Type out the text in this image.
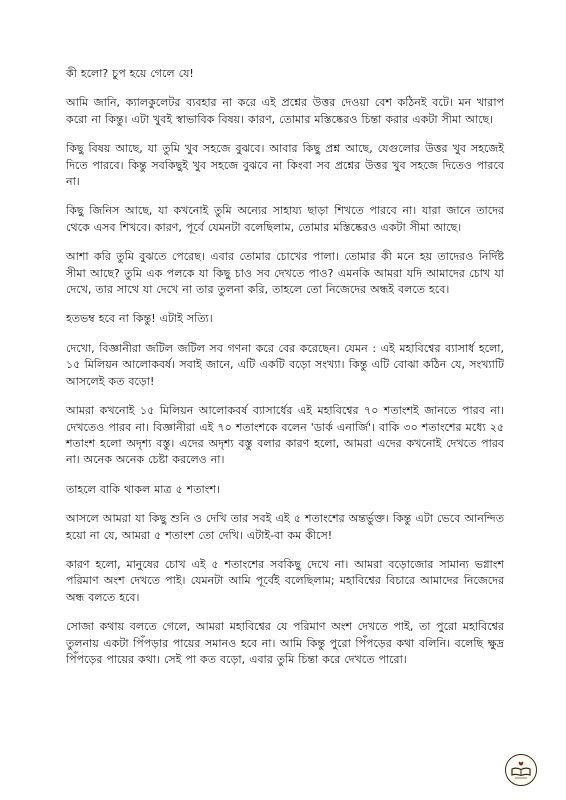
কী হলো? চুপ হয়ে গেলে যে!

আমি জানি, ক্যালকুলেটর ব্যবহার না করে এই প্রশ্নের উত্তর দেওয়া বেশ কঠিনই বটে। মন খারাপ করো না কিন্তু। এটা খুবই স্বাভাবিক বিষয়। কারণ, তোমার মস্তিষ্কেরও চিন্তা করার একটা সীমা আছে।

কিছু বিষয় আছে, যা তুমি খুব সহজে বুঝবে। আবার কিছু প্রশ্ন আছে, যেগুলোর উত্তর খুব সহজেই দিতে পারবে। কিন্তু সবকিছুই খুব সহজে বুঝবে না কিংবা সব প্রশ্নের উত্তর খুব সহজে দিতেও পারবে না।

কিছু জিনিস আছে, যা কখনোই তুমি অন্যের সাহায্য ছাড়া শিখতে পারবে না। যারা জানে তাদের থেকে এসব শিখবে। কারণ, পূর্বে যেমনটা বলেছিলাম, তোমার মস্তিষ্কেরও একটা সীমা আছে।

আশা করি তুমি বুঝতে পেরেছ। এবার তোমার চোখের পালা। তোমার কী মনে হয় তাদেরও নির্দিষ্ট সীমা আছে? তুমি এক পলকে যা কিছু চাও সব দেখতে পাও? এমনকি আমরা যদি আমাদের চোখ যা দেখে, তার সাথে যা দেখে না তার তুলনা করি, তাহলে তো নিজেদের অন্ধই বলতে হবে।

হতভম্ব হবে না কিন্তু! এটাই সত্যি।

দেখো, বিজ্ঞানীরা জটিল জটিল সব গণনা করে বের করেছেন। যেমন : এই মহাবিশ্বের ব্যাসার্ধ হলো, ১৫ মিলিয়ন আলোকবর্ষ। সবাই জানে, এটি একটি বড়ো সংখ্যা। কিন্তু এটি বোঝা কঠিন যে, সংখ্যাটি আসলেই কত বড়ো!

আমরা কখনোই ১৫ মিলিয়ন আলোকবর্ষ ব্যাসার্ধের এই মহাবিশ্বের ৭০ শতাংশই জানতে পারব না। দেখতেও পারব না। বিজ্ঞানীরা এই ৭০ শতাংশকে বলেন 'ডার্ক এনার্জি'। বাকি ৩০ শতাংশের মধ্যে ২৫ শতাংশ হলো অদৃশ্য বস্তু। এদের অদৃশ্য বস্তু বলার কারণ হলো, আমরা এদের কখনোই দেখতে পারব না। অনেক অনেক চেষ্টা করলেও না।

তাহলে বাকি থাকল মাত্র ৫ শতাংশ।

আসলে আমরা যা কিছু শুনি ও দেখি তার সবই এই ৫ শতাংশের অন্তর্ভুক্ত। কিন্তু এটা ভেবে আনন্দিত হয়ো না যে, আমরা ৫ শতাংশ তো দেখি। এটাই-বা কম কীসে!

কারণ হলো, মানুষের চোখ এই ৫ শতাংশের সবকিছু দেখে না। আমরা বড়োজোর সামান্য ভগ্নাংশ পরিমাণ অংশ দেখতে পাই। যেমনটা আমি পূর্বেই বলেছিলাম; মহাবিশ্বের বিচারে আমাদের নিজেদের অন্ধ বলতে হবে।

সোজা কথায় বলতে গেলে, আমরা মহাবিশ্বের যে পরিমাণ অংশ দেখতে পাই, তা পুরো মহাবিশ্বের তুলনায় একটা পিঁপড়ার পায়ের সমানও হবে না। আমি কিন্তু পুরো পিঁপড়ের কথা বলিনি। বলেছি ক্ষুদ্র পিঁপড়ের পায়ের কথা। সেই পা কত বড়ো, এবার তুমি চিন্তা করে দেখতে পারো।
